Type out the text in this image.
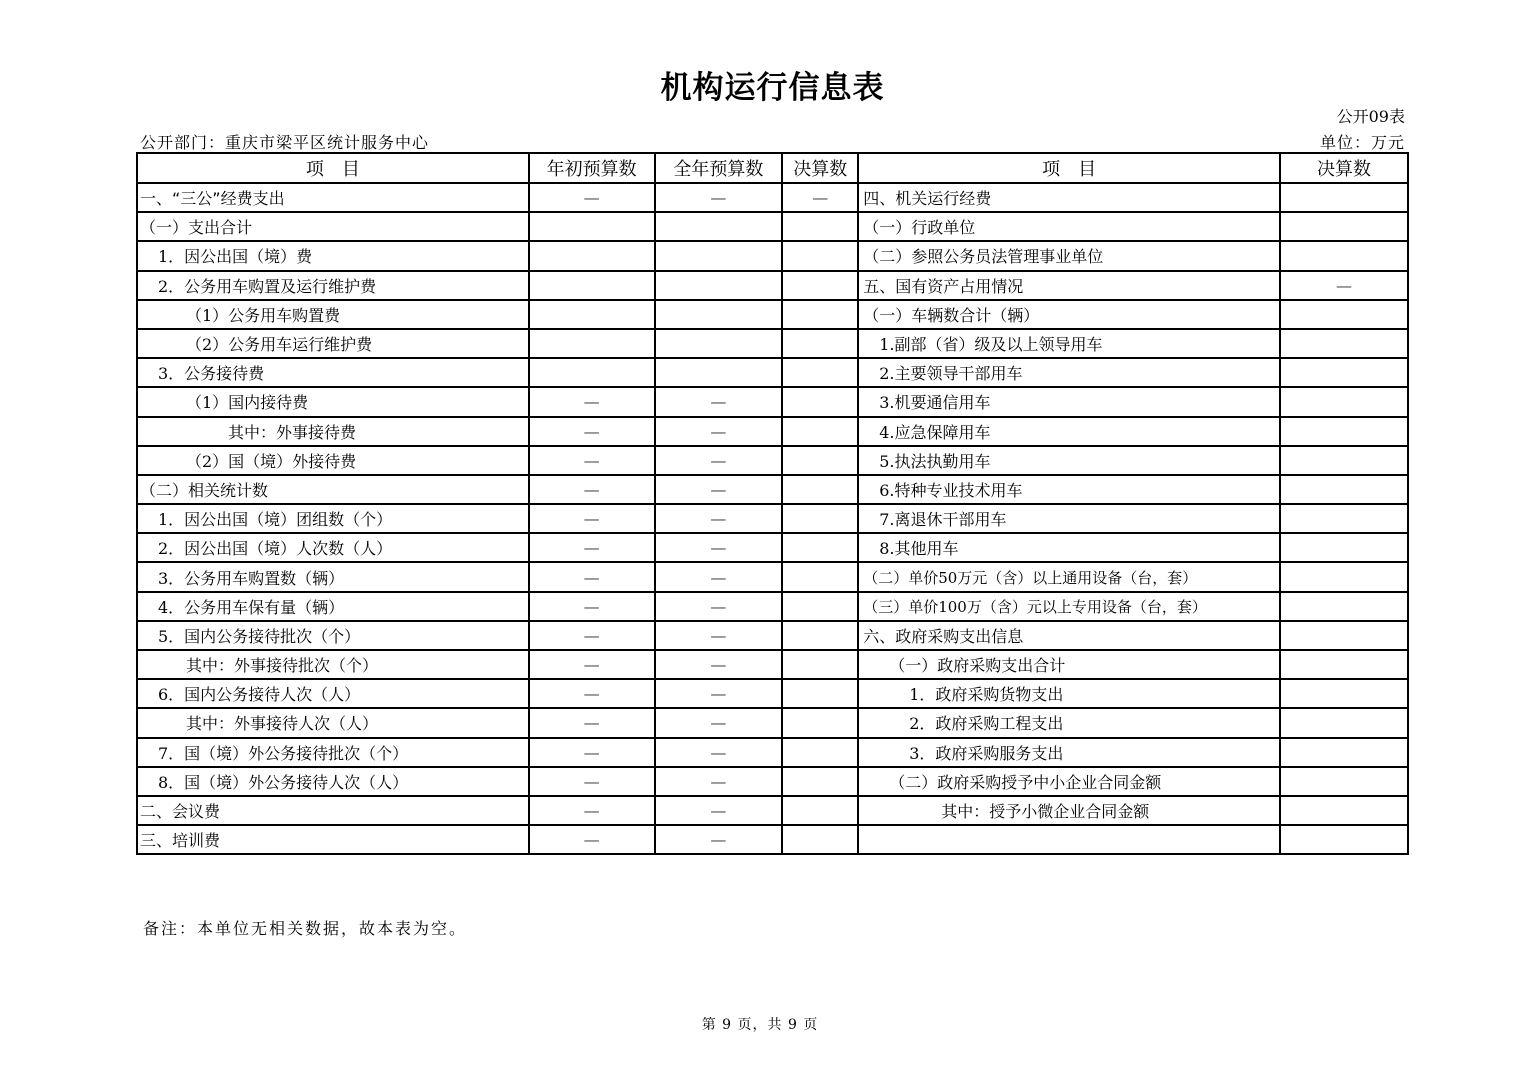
机构运行信息表
公开09表
公开部门：重庆市梁平区统计服务中心	单位：万元
项　目	年初预算数	全年预算数	决算数	项　目	决算数
一、“三公”经费支出	—	—	—	四、机关运行经费	
（一）支出合计				（一）行政单位	
1．因公出国（境）费				（二）参照公务员法管理事业单位	
2．公务用车购置及运行维护费				五、国有资产占用情况	—
（1）公务用车购置费				（一）车辆数合计（辆）	
（2）公务用车运行维护费				1.副部（省）级及以上领导用车	
3．公务接待费				2.主要领导干部用车	
（1）国内接待费	—	—		3.机要通信用车	
其中：外事接待费	—	—		4.应急保障用车	
（2）国（境）外接待费	—	—		5.执法执勤用车	
（二）相关统计数	—	—		6.特种专业技术用车	
1．因公出国（境）团组数（个）	—	—		7.离退休干部用车	
2．因公出国（境）人次数（人）	—	—		8.其他用车	
3．公务用车购置数（辆）	—	—		（二）单价50万元（含）以上通用设备（台，套）	
4．公务用车保有量（辆）	—	—		（三）单价100万（含）元以上专用设备（台，套）	
5．国内公务接待批次（个）	—	—		六、政府采购支出信息	
其中：外事接待批次（个）	—	—		（一）政府采购支出合计	
6．国内公务接待人次（人）	—	—		1．政府采购货物支出	
其中：外事接待人次（人）	—	—		2．政府采购工程支出	
7．国（境）外公务接待批次（个）	—	—		3．政府采购服务支出	
8．国（境）外公务接待人次（人）	—	—		（二）政府采购授予中小企业合同金额	
二、会议费	—	—		其中：授予小微企业合同金额	
三、培训费	—	—			
备注：本单位无相关数据，故本表为空。
第 9 页，共 9 页
